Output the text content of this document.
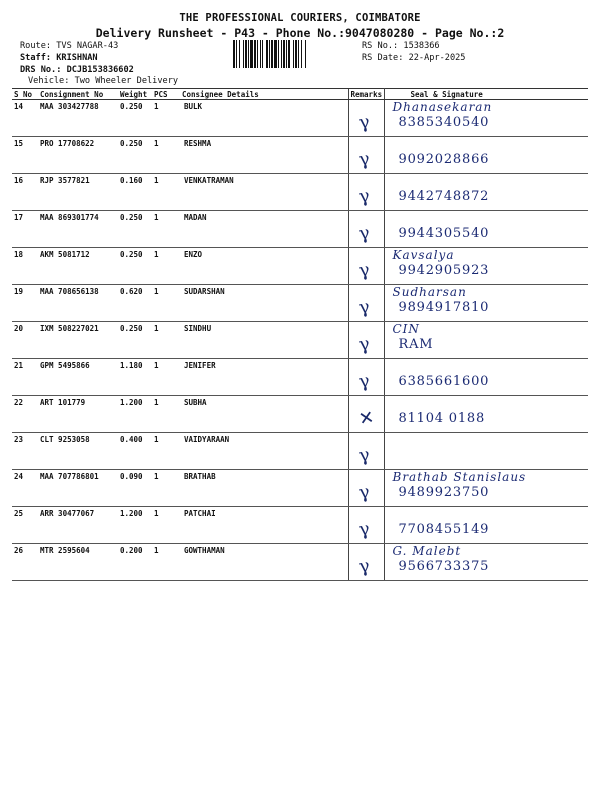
THE PROFESSIONAL COURIERS, COIMBATORE
Delivery Runsheet - P43 - Phone No.:9047080280 - Page No.:2
Route: TVS NAGAR-43
Staff: KRISHNAN
DRS No.: DCJB153836602
Vehicle: Two Wheeler Delivery
RS No.: 1538366
RS Date: 22-Apr-2025
S No	Consignment No	Weight	PCS	Consignee Details	Remarks	Seal & Signature
14	MAA 303427788	0.250	1	BULK	γ	Dhanasekaran
8385340540

15	PRO 17708622	0.250	1	RESHMA	γ	9092028866

16	RJP 3577821	0.160	1	VENKATRAMAN	γ	9442748872

17	MAA 869301774	0.250	1	MADAN	γ	9944305540

18	AKM 5081712	0.250	1	ENZO	γ	Kavsalya
9942905923

19	MAA 708656138	0.620	1	SUDARSHAN	γ	Sudharsan
9894917810

20	IXM 508227021	0.250	1	SINDHU	γ	CIN
RAM

21	GPM 5495866	1.180	1	JENIFER	γ	6385661600

22	ART 101779	1.200	1	SUBHA	✕	81104 0188

23	CLT 9253058	0.400	1	VAIDYARAAN	γ	

24	MAA 707786801	0.090	1	BRATHAB	γ	Brathab Stanislaus
9489923750

25	ARR 30477067	1.200	1	PATCHAI	γ	7708455149

26	MTR 2595604	0.200	1	GOWTHAMAN	γ	G. Malebt
9566733375
